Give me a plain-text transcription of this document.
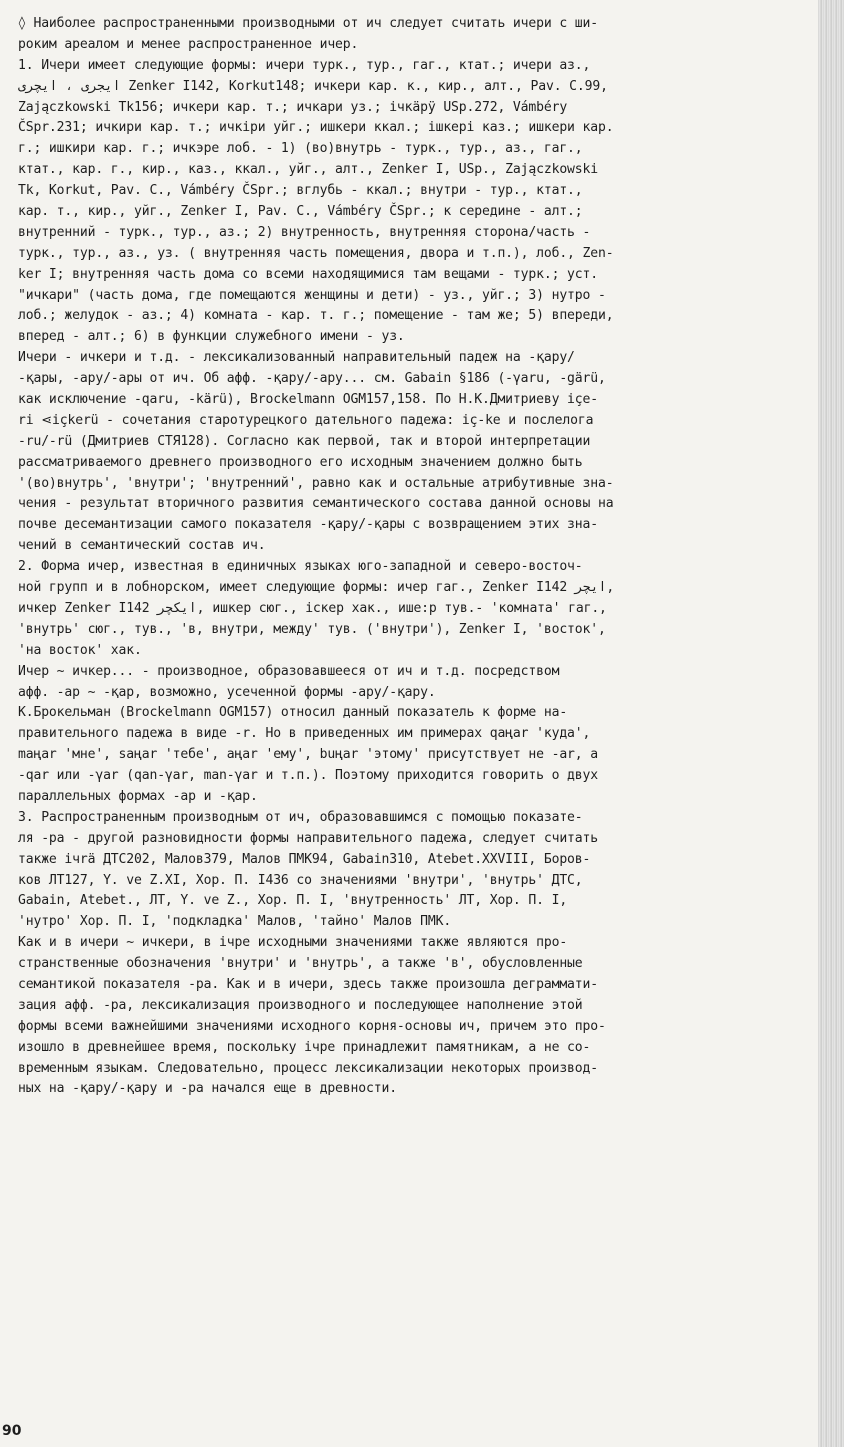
◊ Наиболее распространенными производными от ич следует считать ичери с ши-
роким ареалом и менее распространенное ичер.
1. Ичери имеет следующие формы: ичери турк., тур., гаг., ктат.; ичери аз.,
ايجرى ، ايچرى Zenker I142, Korkut148; ичкери кар. к., кир., алт., Pav. C.99,
Zajączkowski Tk156; ичкери кар. т.; ичкари уз.; ічкäрÿ USp.272, Vámbéry
ČSpr.231; ичкири кар. т.; ичкіри уйг.; ишкери ккал.; ішкері каз.; ишкери кар.
г.; ишкири кар. г.; ичкэре лоб. - 1) (во)внутрь - турк., тур., аз., гаг.,
ктат., кар. г., кир., каз., ккал., уйг., алт., Zenker I, USp., Zajączkowski
Tk, Korkut, Pav. C., Vámbéry ČSpr.; вглубь - ккал.; внутри - тур., ктат.,
кар. т., кир., уйг., Zenker I, Pav. C., Vámbéry ČSpr.; к середине - алт.;
внутренний - турк., тур., аз.; 2) внутренность, внутренняя сторона/часть -
турк., тур., аз., уз. ( внутренняя часть помещения, двора и т.п.), лоб., Zen-
ker I; внутренняя часть дома со всеми находящимися там вещами - турк.; уст.
"ичкари" (часть дома, где помещаются женщины и дети) - уз., уйг.; 3) нутро -
лоб.; желудок - аз.; 4) комната - кар. т. г.; помещение - там же; 5) впереди,
вперед - алт.; 6) в функции служебного имени - уз.
Ичери - ичкери и т.д. - лексикализованный направительный падеж на -қару/
-қары, -ару/-ары от ич. Об афф. -қару/-ару... см. Gabain §186 (-γaru, -gärü,
как исключение -qaru, -kärü), Brockelmann OGM157,158. По Н.К.Дмитриеву іçe-
ri ⋖іçkerü - сочетания старотурецкого дательного падежа: іç-ke и послелога
-ru/-rü (Дмитриев СТЯ128). Согласно как первой, так и второй интерпретации
рассматриваемого древнего производного его исходным значением должно быть
'(во)внутрь', 'внутри'; 'внутренний', равно как и остальные атрибутивные зна-
чения - результат вторичного развития семантического состава данной основы на
почве десемантизации самого показателя -қару/-қары с возвращением этих зна-
чений в семантический состав ич.
2. Форма ичер, известная в единичных языках юго-западной и северо-восточ-
ной групп и в лобнорском, имеет следующие формы: ичер гаг., Zenker I142 ايچر,
ичкер Zenker I142 ايكچر, ишкер сюг., іскер хак., ише:р тув.- 'комната' гаг.,
'внутрь' сюг., тув., 'в, внутри, между' тув. ('внутри'), Zenker I, 'восток',
'на восток' хак.
Ичер ~ ичкер... - производное, образовавшееся от ич и т.д. посредством
афф. -ар ~ -қар, возможно, усеченной формы -ару/-қару.
К.Брокельман (Brockelmann OGM157) относил данный показатель к форме на-
правительного падежа в виде -r. Но в приведенных им примерах qaңar 'куда',
maңar 'мне', saңar 'тебе', аңar 'ему', buңar 'этому' присутствует не -ar, а
-qar или -γar (qan-γar, man-γar и т.п.). Поэтому приходится говорить о двух
параллельных формах -ар и -қар.
3. Распространенным производным от ич, образовавшимся с помощью показате-
ля -ра - другой разновидности формы направительного падежа, следует считать
также ічrä ДТС202, Малов379, Малов ПМК94, Gabain310, Atebet.XXVIII, Боров-
ков ЛТ127, Y. ve Z.XI, Хор. П. I436 со значениями 'внутри', 'внутрь' ДТС,
Gabain, Atebet., ЛТ, Y. ve Z., Хор. П. I, 'внутренность' ЛТ, Хор. П. I,
'нутро' Хор. П. I, 'подкладка' Малов, 'тайно' Малов ПМК.
Как и в ичери ~ ичкери, в ічре исходными значениями также являются про-
странственные обозначения 'внутри' и 'внутрь', а также 'в', обусловленные
семантикой показателя -ра. Как и в ичери, здесь также произошла деграммати-
зация афф. -ра, лексикализация производного и последующее наполнение этой
формы всеми важнейшими значениями исходного корня-основы ич, причем это про-
изошло в древнейшее время, поскольку ічре принадлежит памятникам, а не со-
временным языкам. Следовательно, процесс лексикализации некоторых производ-
ных на -қару/-қару и -ра начался еще в древности.
90
